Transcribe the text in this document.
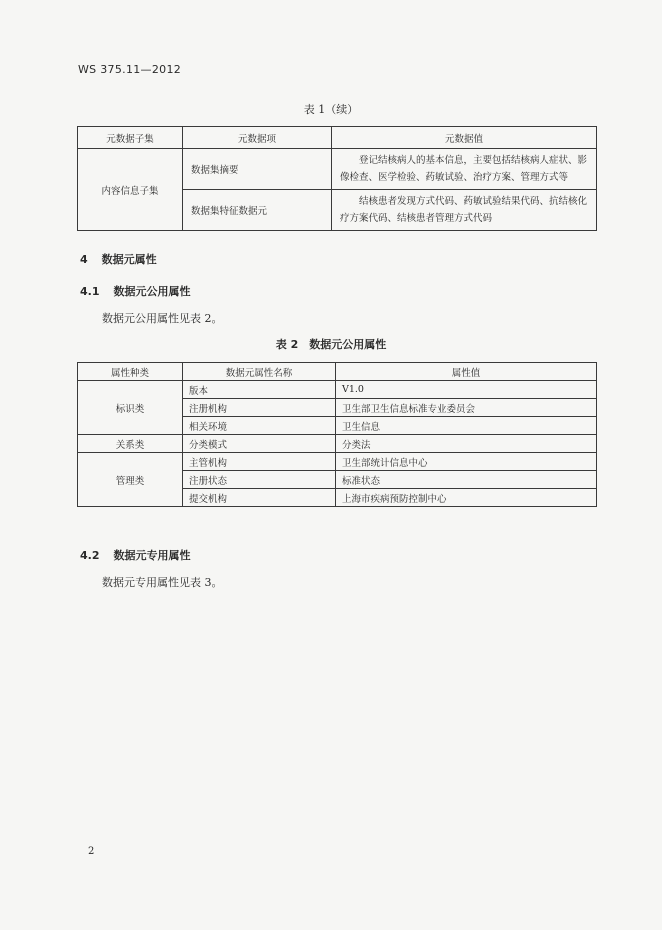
WS 375.11—2012
表 1（续）
元数据子集	元数据项	元数据值
内容信息子集	数据集摘要	登记结核病人的基本信息，主要包括结核病人症状、影像检查、医学检验、药敏试验、治疗方案、管理方式等
	数据集特征数据元	结核患者发现方式代码、药敏试验结果代码、抗结核化疗方案代码、结核患者管理方式代码
4 数据元属性
4.1 数据元公用属性
数据元公用属性见表 2。
表 2　数据元公用属性
属性种类	数据元属性名称	属性值
标识类	版本	V1.0
	注册机构	卫生部卫生信息标准专业委员会
	相关环境	卫生信息
关系类	分类模式	分类法
管理类	主管机构	卫生部统计信息中心
	注册状态	标准状态
	提交机构	上海市疾病预防控制中心
4.2 数据元专用属性
数据元专用属性见表 3。
2
